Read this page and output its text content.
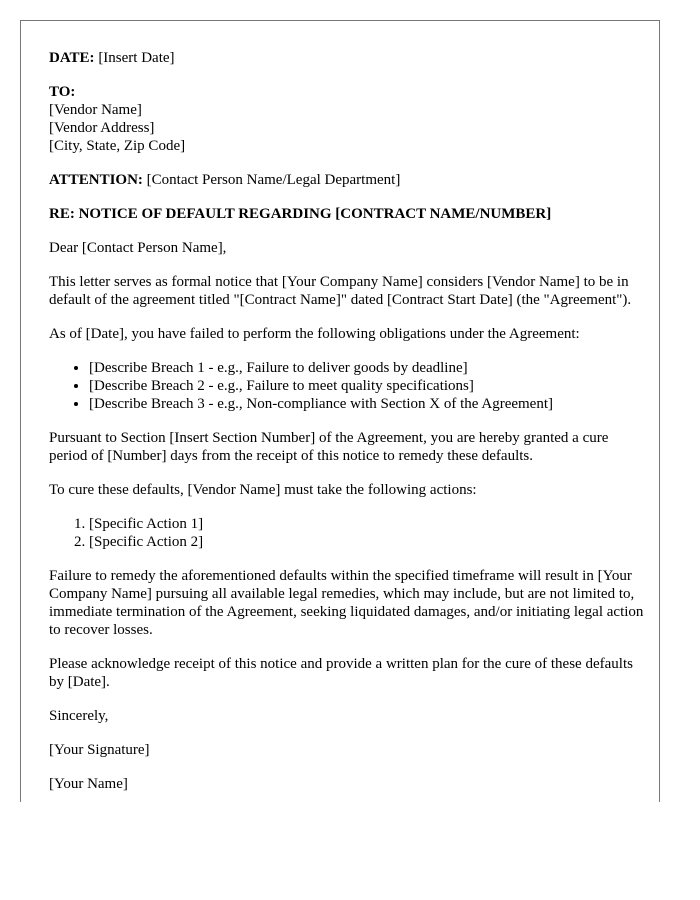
DATE: [Insert Date]

TO:
[Vendor Name]
[Vendor Address]
[City, State, Zip Code]

ATTENTION: [Contact Person Name/Legal Department]

RE: NOTICE OF DEFAULT REGARDING [CONTRACT NAME/NUMBER]

Dear [Contact Person Name],

This letter serves as formal notice that [Your Company Name] considers [Vendor Name] to be in default of the agreement titled "[Contract Name]" dated [Contract Start Date] (the "Agreement").

As of [Date], you have failed to perform the following obligations under the Agreement:

• [Describe Breach 1 - e.g., Failure to deliver goods by deadline]
• [Describe Breach 2 - e.g., Failure to meet quality specifications]
• [Describe Breach 3 - e.g., Non-compliance with Section X of the Agreement]

Pursuant to Section [Insert Section Number] of the Agreement, you are hereby granted a cure period of [Number] days from the receipt of this notice to remedy these defaults.

To cure these defaults, [Vendor Name] must take the following actions:

1. [Specific Action 1]
2. [Specific Action 2]

Failure to remedy the aforementioned defaults within the specified timeframe will result in [Your Company Name] pursuing all available legal remedies, which may include, but are not limited to, immediate termination of the Agreement, seeking liquidated damages, and/or initiating legal action to recover losses.

Please acknowledge receipt of this notice and provide a written plan for the cure of these defaults by [Date].

Sincerely,

[Your Signature]

[Your Name]
